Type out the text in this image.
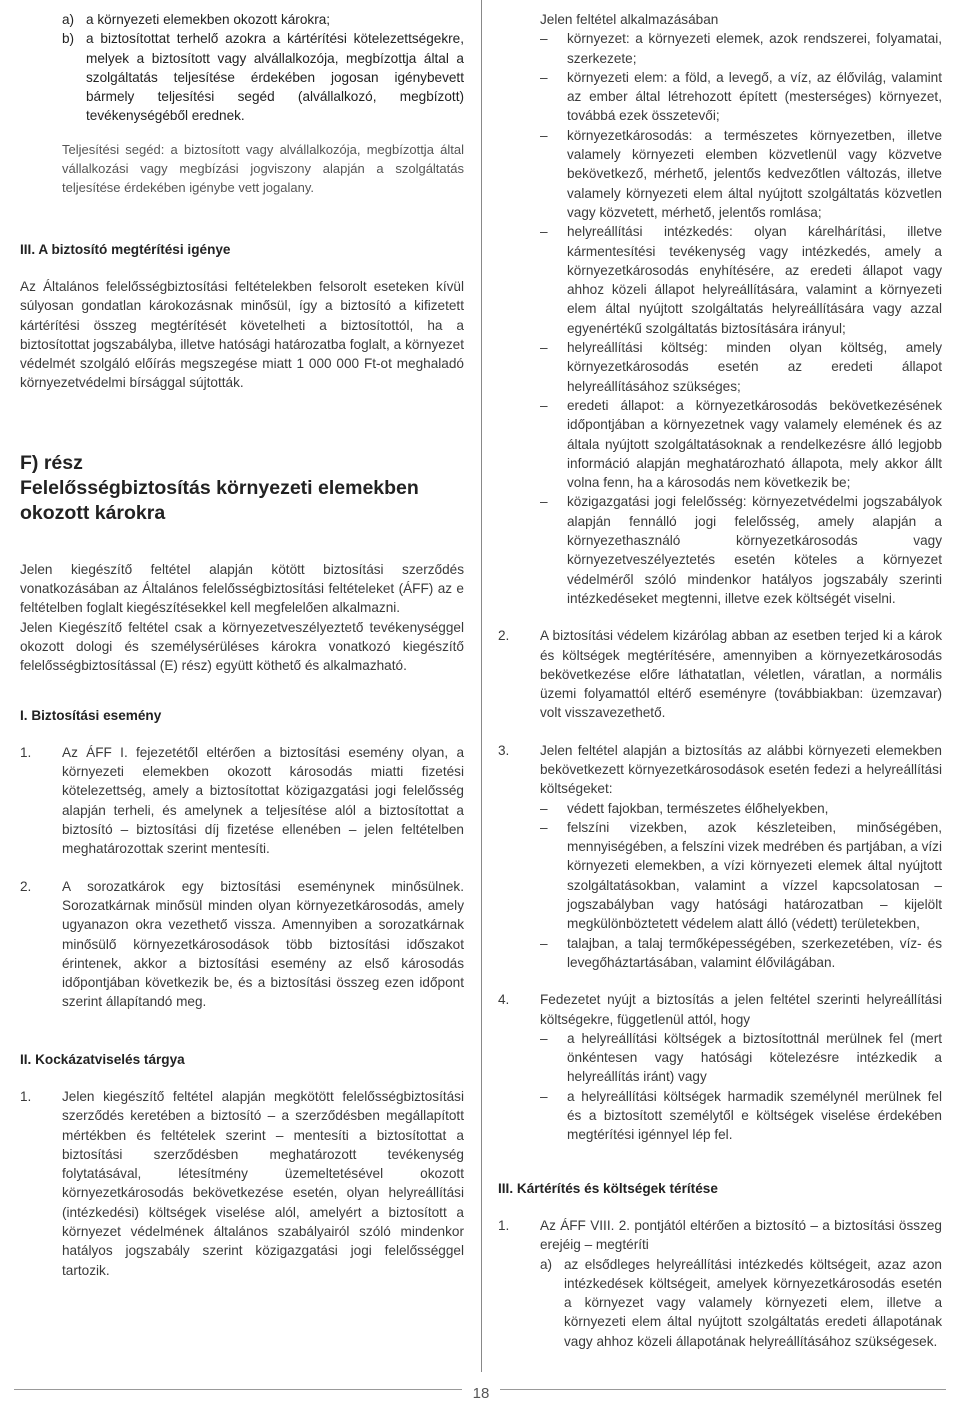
a) a környezeti elemekben okozott károkra;
b) a biztosítottat terhelő azokra a kártérítési kötelezettségekre, melyek a biztosított vagy alvállalkozója, megbízottja által a szolgáltatás teljesítése érdekében jogosan igénybevett bármely teljesítési segéd (alvállalkozó, megbízott) tevékenységéből erednek.

Teljesítési segéd: a biztosított vagy alvállalkozója, megbízottja által vállalkozási vagy megbízási jogviszony alapján a szolgáltatás teljesítése érdekében igénybe vett jogalany.

III. A biztosító megtérítési igénye

Az Általános felelősségbiztosítási feltételekben felsorolt eseteken kívül súlyosan gondatlan károkozásnak minősül, így a biztosító a kifizetett kártérítési összeg megtérítését követelheti a biztosítottól, ha a biztosítottat jogszabályba, illetve hatósági határozatba foglalt, a környezet védelmét szolgáló előírás megszegése miatt 1 000 000 Ft-ot meghaladó környezetvédelmi bírsággal sújtották.

F) rész

Felelősségbiztosítás környezeti elemekben okozott károkra

Jelen kiegészítő feltétel alapján kötött biztosítási szerződés vonatkozásában az Általános felelősségbiztosítási feltételeket (ÁFF) az e feltételben foglalt kiegészítésekkel kell megfelelően alkalmazni.

Jelen Kiegészítő feltétel csak a környezetveszélyeztető tevékenységgel okozott dologi és személysérüléses károkra vonatkozó kiegészítő felelősségbiztosítással (E) rész) együtt köthető és alkalmazható.

I. Biztosítási esemény

1.	Az ÁFF I. fejezetétől eltérően a biztosítási esemény olyan, a környezeti elemekben okozott károsodás miatti fizetési kötelezettség, amely a biztosítottat közigazgatási jogi felelősség alapján terheli, és amelynek a teljesítése alól a biztosítottat a biztosító – biztosítási díj fizetése ellenében – jelen feltételben meghatározottak szerint mentesíti.
2.	A sorozatkárok egy biztosítási eseménynek minősülnek. Sorozatkárnak minősül minden olyan környezetkárosodás, amely ugyanazon okra vezethető vissza. Amennyiben a sorozatkárnak minősülő környezetkárosodások több biztosítási időszakot érintenek, akkor a biztosítási esemény az első károsodás időpontjában következik be, és a biztosítási összeg ezen időpont szerint állapítandó meg.

II. Kockázatviselés tárgya

1.	Jelen kiegészítő feltétel alapján megkötött felelősségbiztosítási szerződés keretében a biztosító – a szerződésben megállapított mértékben és feltételek szerint – mentesíti a biztosítottat a biztosítási szerződésben meghatározott tevékenység folytatásával, létesítmény üzemeltetésével okozott környezetkárosodás bekövetkezése esetén, olyan helyreállítási (intézkedési) költségek viselése alól, amelyért a biztosított a környezet védelmének általános szabályairól szóló mindenkor hatályos jogszabály szerint közigazgatási jogi felelősséggel tartozik.

Jelen feltétel alkalmazásában

–	környezet: a környezeti elemek, azok rendszerei, folyamatai, szerkezete;
–	környezeti elem: a föld, a levegő, a víz, az élővilág, valamint az ember által létrehozott épített (mesterséges) környezet, továbbá ezek összetevői;
–	környezetkárosodás: a természetes környezetben, illetve valamely környezeti elemben közvetlenül vagy közvetve bekövetkező, mérhető, jelentős kedvezőtlen változás, illetve valamely környezeti elem által nyújtott szolgáltatás közvetlen vagy közvetett, mérhető, jelentős romlása;
–	helyreállítási intézkedés: olyan kárelhárítási, illetve kármentesítési tevékenység vagy intézkedés, amely a környezetkárosodás enyhítésére, az eredeti állapot vagy ahhoz közeli állapot helyreállítására, valamint a környezeti elem által nyújtott szolgáltatás helyreállítására vagy azzal egyenértékű szolgáltatás biztosítására irányul;
–	helyreállítási költség: minden olyan költség, amely környezetkárosodás esetén az eredeti állapot helyreállításához szükséges;
–	eredeti állapot: a környezetkárosodás bekövetkezésének időpontjában a környezetnek vagy valamely elemének és az általa nyújtott szolgáltatásoknak a rendelkezésre álló legjobb információ alapján meghatározható állapota, mely akkor állt volna fenn, ha a károsodás nem következik be;
–	közigazgatási jogi felelősség: környezetvédelmi jogszabályok alapján fennálló jogi felelősség, amely alapján a környezethasználó környezetkárosodás vagy környezetveszélyeztetés esetén köteles a környezet védelméről szóló mindenkor hatályos jogszabály szerinti intézkedéseket megtenni, illetve ezek költségét viselni.
2.	A biztosítási védelem kizárólag abban az esetben terjed ki a károk és költségek megtérítésére, amennyiben a környezetkárosodás bekövetkezése előre láthatatlan, véletlen, váratlan, a normális üzemi folyamattól eltérő eseményre (továbbiakban: üzemzavar) volt visszavezethető.
3.	Jelen feltétel alapján a biztosítás az alábbi környezeti elemekben bekövetkezett környezetkárosodások esetén fedezi a helyreállítási költségeket:

–	védett fajokban, természetes élőhelyekben,
–	felszíni vizekben, azok készleteiben, minőségében, mennyiségében, a felszíni vizek medrében és partjában, a vízi környezeti elemekben, a vízi környezeti elemek által nyújtott szolgáltatásokban, valamint a vízzel kapcsolatosan – jogszabályban vagy hatósági határozatban – kijelölt megkülönböztetett védelem alatt álló (védett) területekben,
–	talajban, a talaj termőképességében, szerkezetében, víz- és levegőháztartásában, valamint élővilágában.
4.	Fedezetet nyújt a biztosítás a jelen feltétel szerinti helyreállítási költségekre, függetlenül attól, hogy

–	a helyreállítási költségek a biztosítottnál merülnek fel (mert önkéntesen vagy hatósági kötelezésre intézkedik a helyreállítás iránt) vagy
–	a helyreállítási költségek harmadik személynél merülnek fel és a biztosított személytől e költségek viselése érdekében megtérítési igénnyel lép fel.

III. Kártérítés és költségek térítése

1.	Az ÁFF VIII. 2. pontjától eltérően a biztosító – a biztosítási összeg erejéig – megtéríti

a) az elsődleges helyreállítási intézkedés költségeit, azaz azon intézkedések költségeit, amelyek környezetkárosodás esetén a környezet vagy valamely környezeti elem, illetve a környezeti elem által nyújtott szolgáltatás eredeti állapotának vagy ahhoz közeli állapotának helyreállításához szükségesek.
18
